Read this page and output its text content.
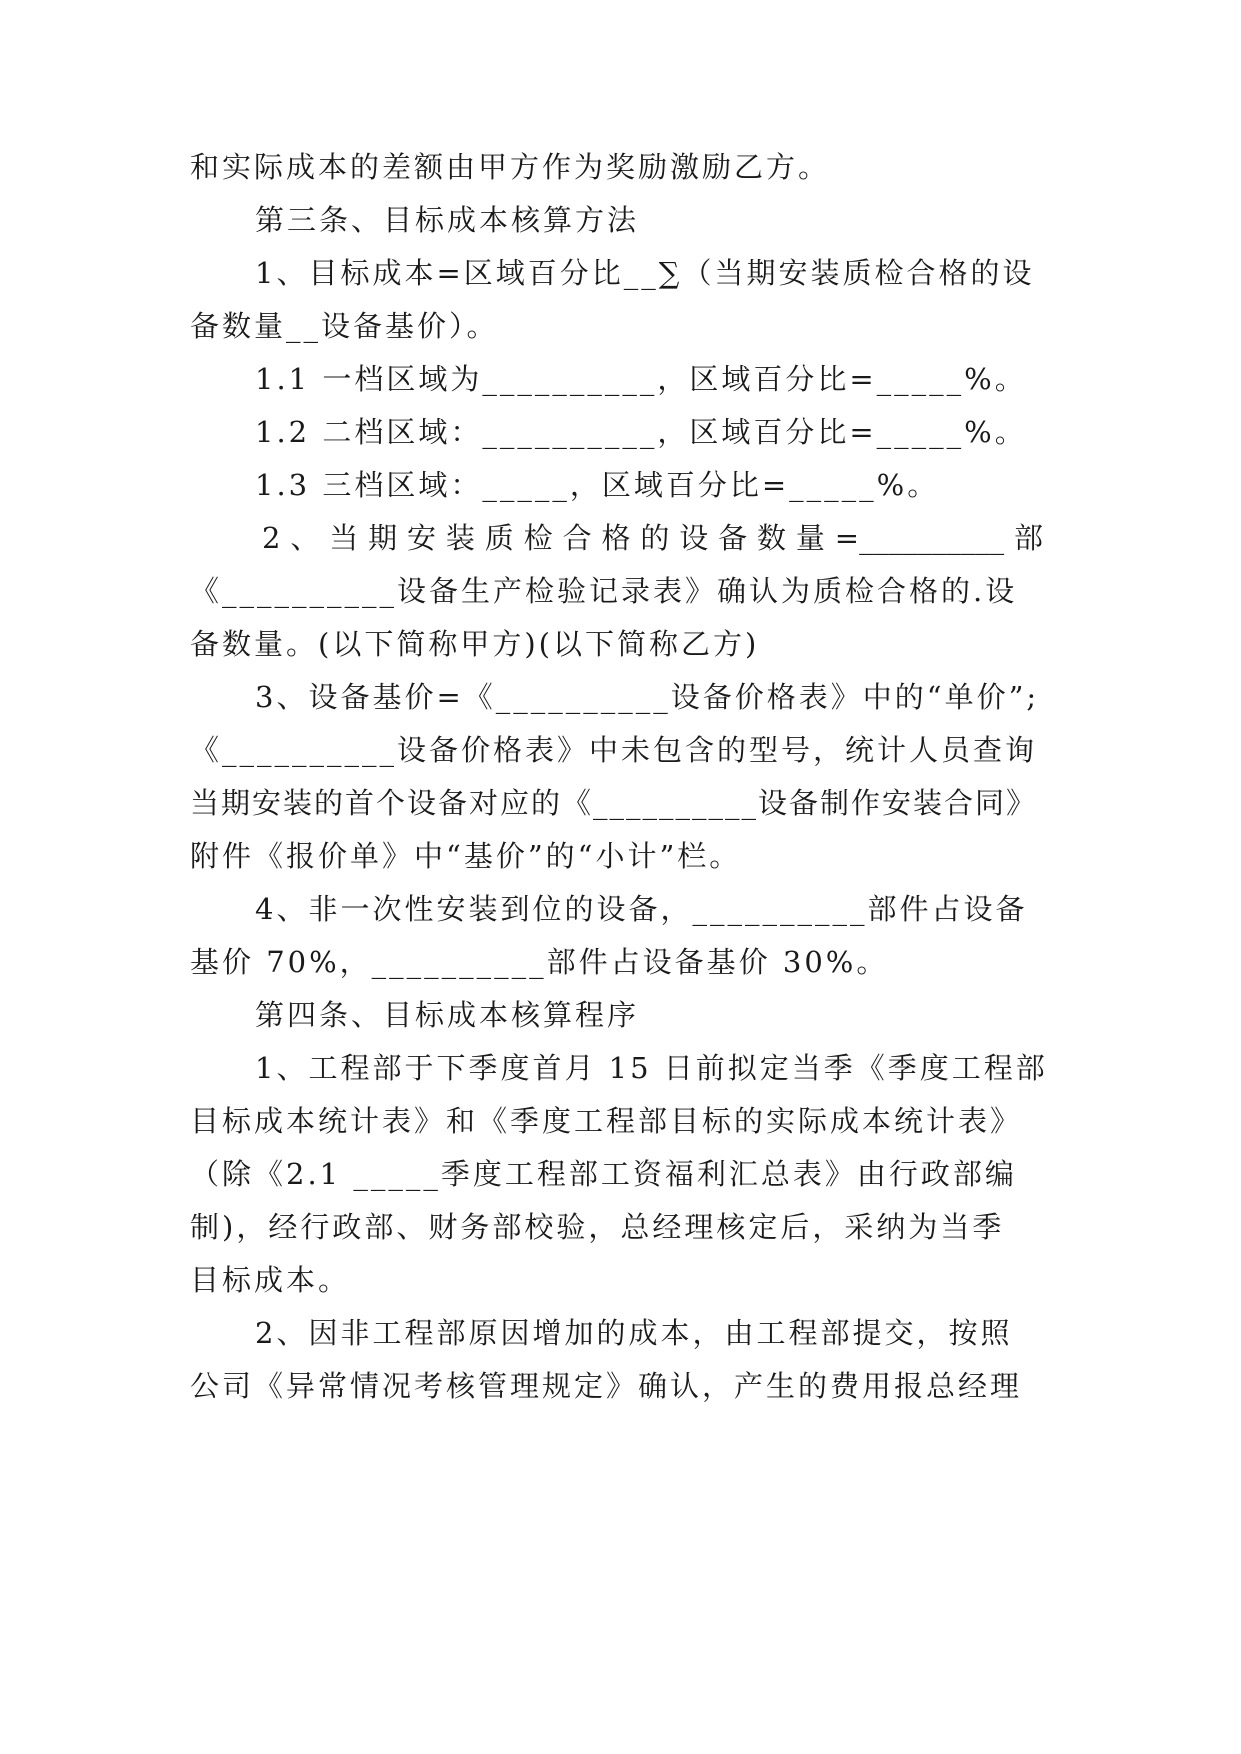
和实际成本的差额由甲方作为奖励激励乙方。
第三条、目标成本核算方法
1、目标成本=区域百分比__∑（当期安装质检合格的设
备数量__设备基价）。
1.1 一档区域为__________，区域百分比=_____%。
1.2 二档区域：__________，区域百分比=_____%。
1.3 三档区域：_____，区域百分比=_____%。
2、当期安装质检合格的设备数量=__________部
《__________设备生产检验记录表》确认为质检合格的.设
备数量。(以下简称甲方)(以下简称乙方)
3、设备基价=《__________设备价格表》中的“单价”;
《__________设备价格表》中未包含的型号，统计人员查询
当期安装的首个设备对应的《__________设备制作安装合同》
附件《报价单》中“基价”的“小计”栏。
4、非一次性安装到位的设备，__________部件占设备
基价 70%，__________部件占设备基价 30%。
第四条、目标成本核算程序
1、工程部于下季度首月 15 日前拟定当季《季度工程部
目标成本统计表》和《季度工程部目标的实际成本统计表》
（除《2.1 _____季度工程部工资福利汇总表》由行政部编
制)，经行政部、财务部校验，总经理核定后，采纳为当季
目标成本。
2、因非工程部原因增加的成本，由工程部提交，按照
公司《异常情况考核管理规定》确认，产生的费用报总经理
